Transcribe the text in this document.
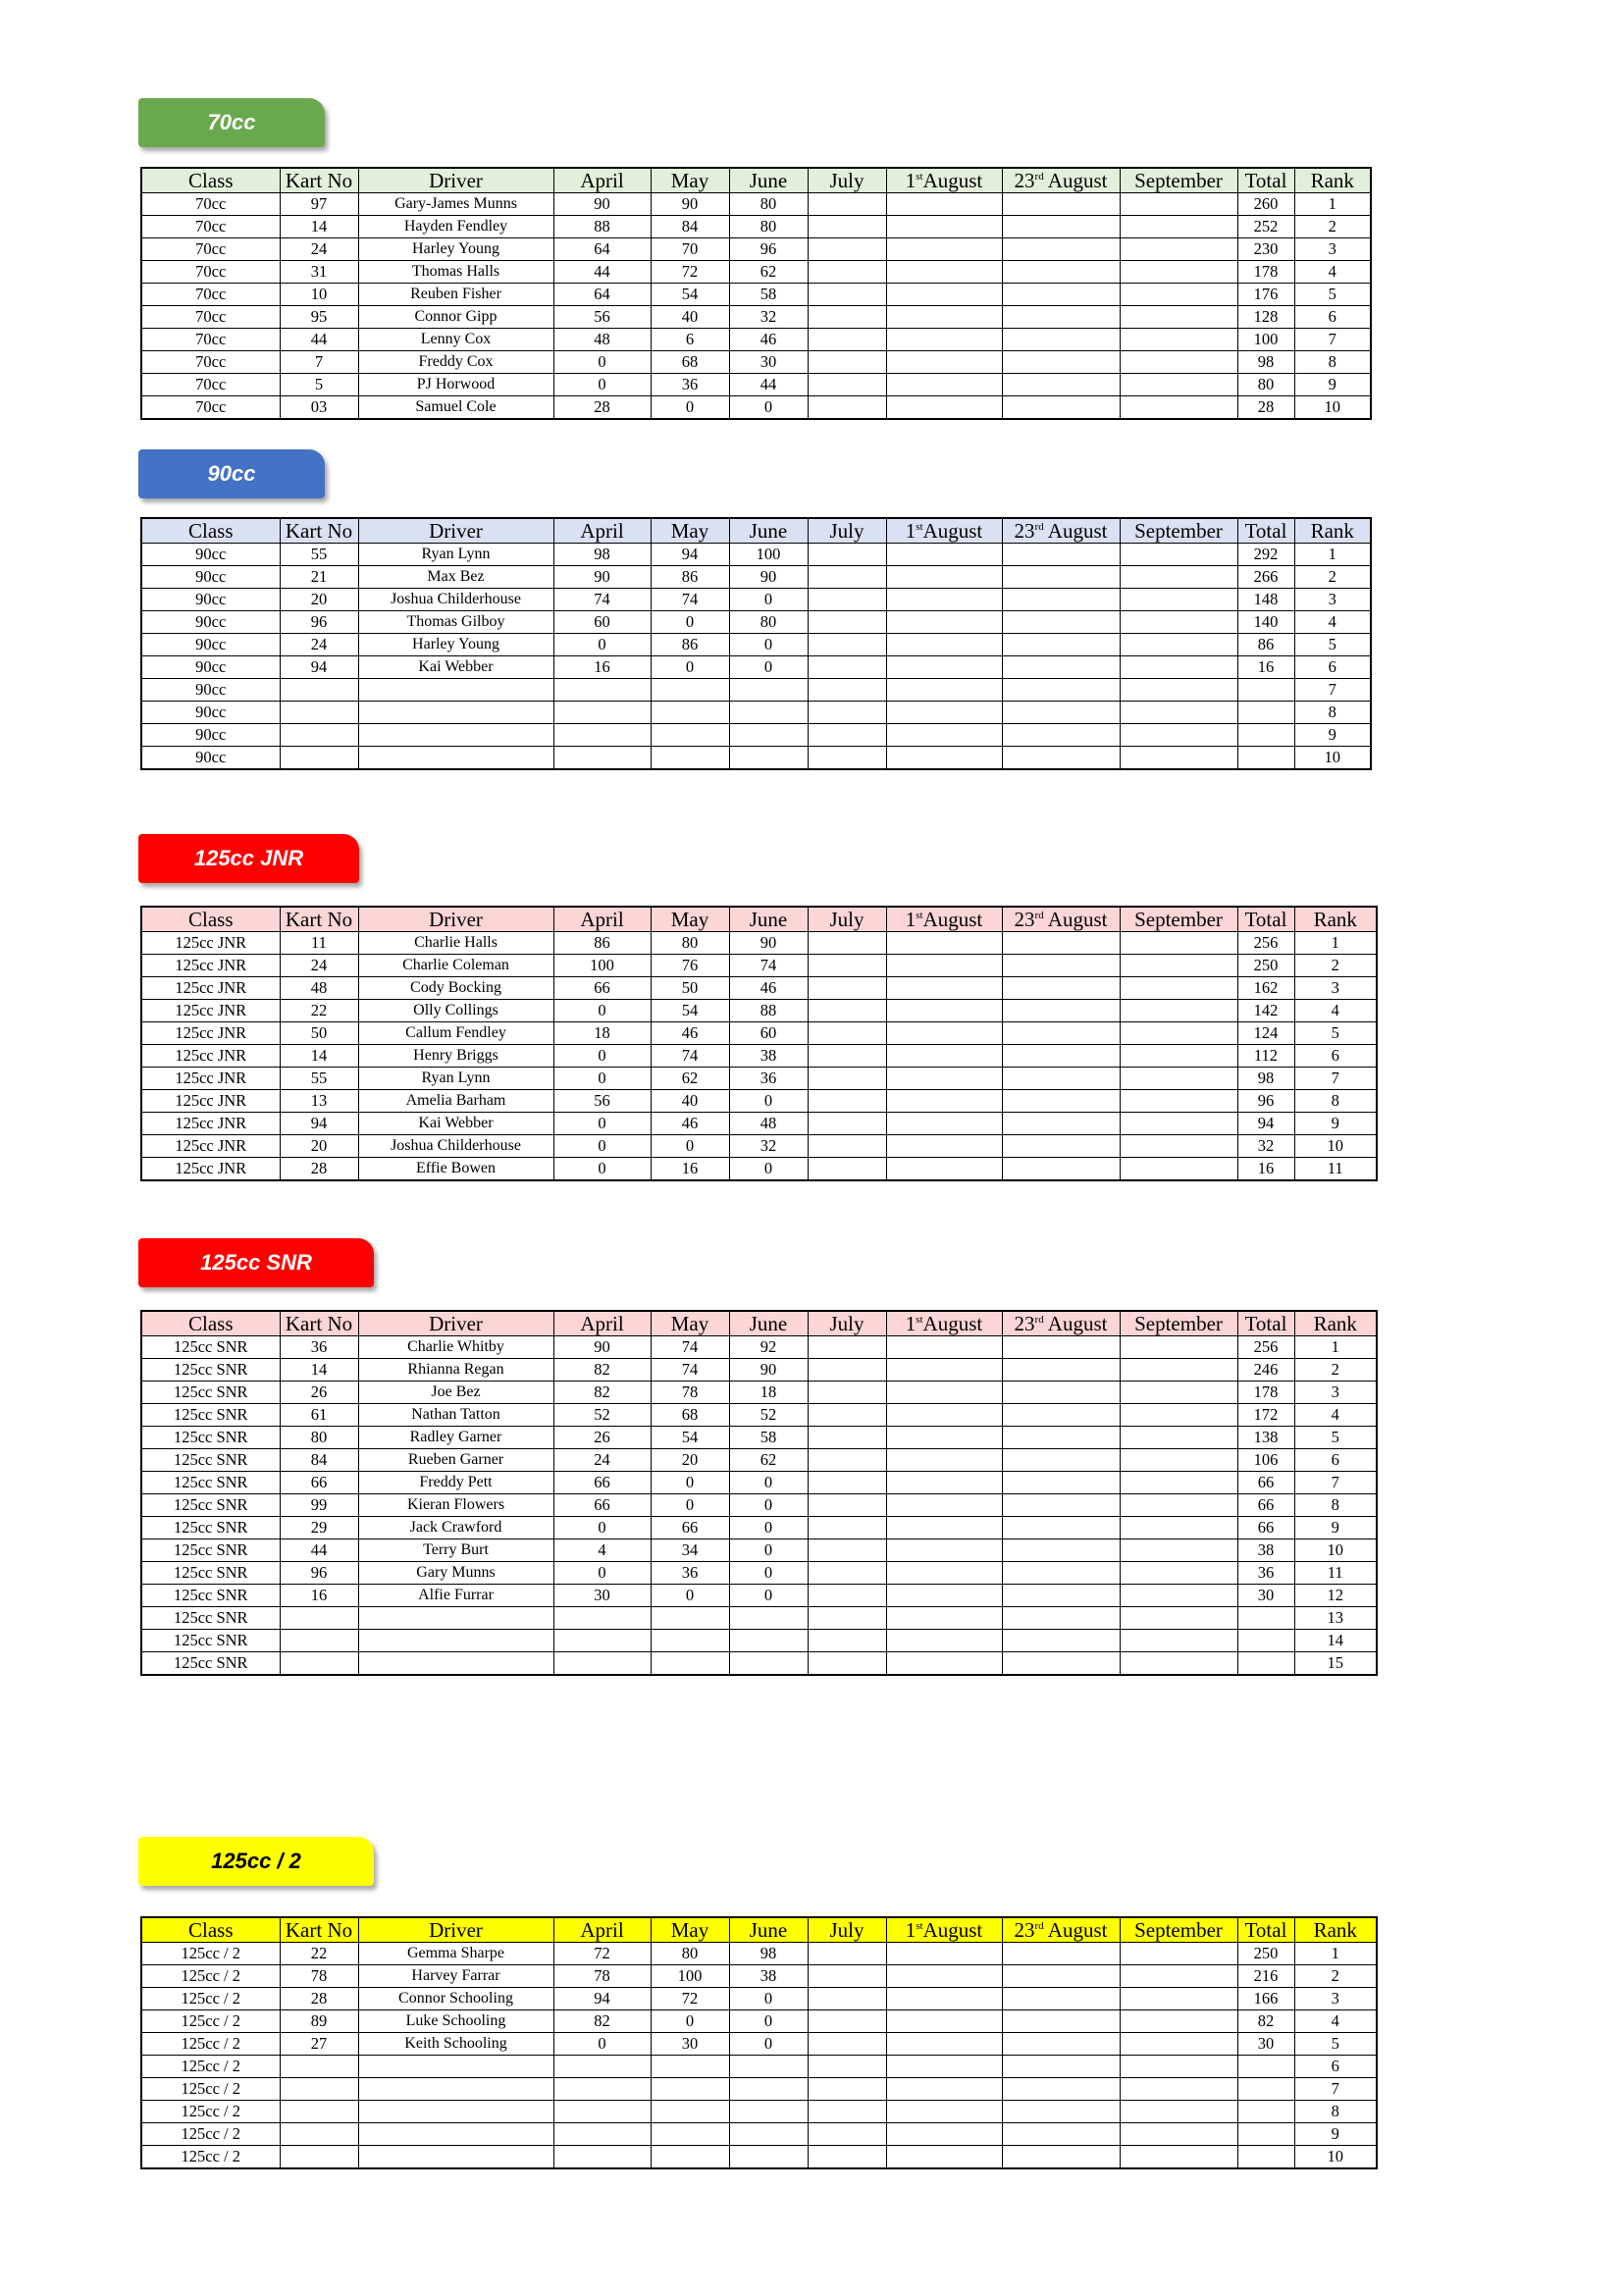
70cc
Class	Kart No	Driver	April	May	June	July	1stAugust	23rd August	September	Total	Rank
70cc	97	Gary-James Munns	90	90	80					260	1
70cc	14	Hayden Fendley	88	84	80					252	2
70cc	24	Harley Young	64	70	96					230	3
70cc	31	Thomas Halls	44	72	62					178	4
70cc	10	Reuben Fisher	64	54	58					176	5
70cc	95	Connor Gipp	56	40	32					128	6
70cc	44	Lenny Cox	48	6	46					100	7
70cc	7	Freddy Cox	0	68	30					98	8
70cc	5	PJ Horwood	0	36	44					80	9
70cc	03	Samuel Cole	28	0	0					28	10
90cc
Class	Kart No	Driver	April	May	June	July	1stAugust	23rd August	September	Total	Rank
90cc	55	Ryan Lynn	98	94	100					292	1
90cc	21	Max Bez	90	86	90					266	2
90cc	20	Joshua Childerhouse	74	74	0					148	3
90cc	96	Thomas Gilboy	60	0	80					140	4
90cc	24	Harley Young	0	86	0					86	5
90cc	94	Kai Webber	16	0	0					16	6
90cc											7
90cc											8
90cc											9
90cc											10
125cc JNR
Class	Kart No	Driver	April	May	June	July	1stAugust	23rd August	September	Total	Rank
125cc JNR	11	Charlie Halls	86	80	90					256	1
125cc JNR	24	Charlie Coleman	100	76	74					250	2
125cc JNR	48	Cody Bocking	66	50	46					162	3
125cc JNR	22	Olly Collings	0	54	88					142	4
125cc JNR	50	Callum Fendley	18	46	60					124	5
125cc JNR	14	Henry Briggs	0	74	38					112	6
125cc JNR	55	Ryan Lynn	0	62	36					98	7
125cc JNR	13	Amelia Barham	56	40	0					96	8
125cc JNR	94	Kai Webber	0	46	48					94	9
125cc JNR	20	Joshua Childerhouse	0	0	32					32	10
125cc JNR	28	Effie Bowen	0	16	0					16	11
125cc SNR
Class	Kart No	Driver	April	May	June	July	1stAugust	23rd August	September	Total	Rank
125cc SNR	36	Charlie Whitby	90	74	92					256	1
125cc SNR	14	Rhianna Regan	82	74	90					246	2
125cc SNR	26	Joe Bez	82	78	18					178	3
125cc SNR	61	Nathan Tatton	52	68	52					172	4
125cc SNR	80	Radley Garner	26	54	58					138	5
125cc SNR	84	Rueben Garner	24	20	62					106	6
125cc SNR	66	Freddy Pett	66	0	0					66	7
125cc SNR	99	Kieran Flowers	66	0	0					66	8
125cc SNR	29	Jack Crawford	0	66	0					66	9
125cc SNR	44	Terry Burt	4	34	0					38	10
125cc SNR	96	Gary Munns	0	36	0					36	11
125cc SNR	16	Alfie Furrar	30	0	0					30	12
125cc SNR											13
125cc SNR											14
125cc SNR											15
125cc / 2
Class	Kart No	Driver	April	May	June	July	1stAugust	23rd August	September	Total	Rank
125cc / 2	22	Gemma Sharpe	72	80	98					250	1
125cc / 2	78	Harvey Farrar	78	100	38					216	2
125cc / 2	28	Connor Schooling	94	72	0					166	3
125cc / 2	89	Luke Schooling	82	0	0					82	4
125cc / 2	27	Keith Schooling	0	30	0					30	5
125cc / 2											6
125cc / 2											7
125cc / 2											8
125cc / 2											9
125cc / 2											10
